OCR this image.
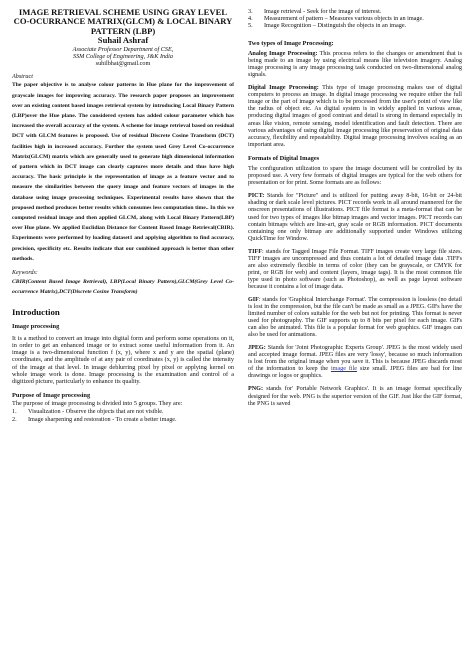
IMAGE RETRIEVAL SCHEME USING GRAY LEVEL CO-OCURRANCE MATRIX(GLCM) & LOCAL BINARY PATTERN (LBP)
Suhail Ashraf
Associate Professor Department of CSE,
SSM College of Engineering, J&K India
suhilbhat@gmail.com
Abstract

The paper objective is to analyse colour patterns in Hue plane for the improvement of grayscale images for improving accuracy. The research paper proposes an improvement over an existing content based images retrieval system by introducing Local Binary Pattern (LBP)over the Hue plane. The considered system has added colour parameter which has increased the overall accuracy of the system. A scheme for image retrieval based on residual DCT with GLCM features is proposed. Use of residual Discrete Cosine Transform (DCT) facilities high in increased accuracy. Further the system used Grey Level Co-occurrence Matrix(GLCM) matrix which are generally used to generate high dimensional information of pattern which in DCT image can clearly captures more details and thus have high accuracy. The basic principle is the representation of image as a feature vector and to measure the similarities between the query image and feature vectors of images in the database using image processing techniques. Experimental results have shown that the proposed method produces better results which consumes less computation time.. In this we computed residual image and then applied GLCM, along with Local Binary Pattern(LBP) over Hue plane. We applied Euclidian Distance for Content Based Image Retrieval(CBIR). Experiments were performed by loading dataset1 and applying algorithm to find accuracy, precision, specificity etc. Results indicate that our combined approach is better than other methods.

Keywords:

CBIR(Content Based Image Retrieval), LBP(Local Binary Pattern),GLCM(Grey Level Co-occurrence Matrix),DCT(Discrete Cosine Transform)

Introduction
Image processing

It is a method to convert an image into digital form and perform some operations on it, in order to get an enhanced image or to extract some useful information from it. An image is a two-dimensional function f (x, y), where x and y are the spatial (plane) coordinates, and the amplitude of at any pair of coordinates (x, y) is called the intensity of the image at that level. In image deblurring pixel by pixel or applying kernel on whole image work is done. Image processing is the examination and control of a digitized picture, particularly to enhance its quality.

Purpose of Image processing

The purpose of image processing is divided into 5 groups. They are:

1.	Visualization - Observe the objects that are not visible.
2.	Image sharpening and restoration - To create a better image.
3.	Image retrieval - Seek for the image of interest.
4.	Measurement of pattern – Measures various objects in an image.
5.	Image Recognition – Distinguish the objects in an image.
Two types of Image Processing:

Analog Image Processing: This process refers to the changes or amendment that is being made to an image by using electrical means like television imagery. Analog image processing is any image processing task conducted on two-dimensional analog signals.

Digital Image Processing: This type of image processing makes use of digital computers to process an image. In digital image processing we require either the full image or the part of image which is to be processed from the user's point of view like the radius of object etc. As digital system is in widely applied in various areas, producing digital images of good contrast and detail is strong in demand especially in areas like vision, remote sensing, model identification and fault detection. There are various advantages of using digital image processing like preservation of original data accuracy, flexibility and repeatability. Digital image processing involves scaling as an important area.

Formats of Digital Images

The configuration utilization to spare the image document will be controlled by its proposed use. A very few formats of digital images are typical for the web others for presentation or for print. Some formats are as follows:

PICT: Stands for "Picture" and is utilized for putting away 8-bit, 16-bit or 24-bit shading or dark scale level pictures. PICT records work in all around mannered for the onscreen presentations of illustrations. PICT file format is a meta-format that can be used for two types of images like bitmap images and vector images. PICT records can contain bitmaps which are line-art, gray scale or RGB information. PICT documents containing one only bitmap are additionally supported under Windows utilizing QuickTime for Window.

TIFF: stands for Tagged Image File Format. TIFF images create very large file sizes. TIFF images are uncompressed and thus contain a lot of detailed image data .TIFFs are also extremely flexible in terms of color (they can be grayscale, or CMYK for print, or RGB for web) and content (layers, image tags). It is the most common file type used in photo software (such as Photoshop), as well as page layout software because it contains a lot of image data.

GIF: stands for 'Graphical Interchange Format'. The compression is lossless (no detail is lost in the compression, but the file can't be made as small as a JPEG. GIFs have the limited number of colors suitable for the web but not for printing. This format is never used for photography. The GIF supports up to 8 bits per pixel for each image. GIFs can also be animated. This file is a popular format for web graphics. GIF images can also be used for animations.

JPEG: Stands for 'Joint Photographic Experts Group'. JPEG is the most widely used and accepted image format. JPEG files are very 'lossy', because so much information is lost from the original image when you save it. This is because JPEG discards most of the information to keep the image file size small. JPEG files are bad for line drawings or logos or graphics.

PNG: stands for' Portable Network Graphics'. It is an image format specifically designed for the web. PNG is the superior version of the GIF. Just like the GIF format, the PNG is saved
